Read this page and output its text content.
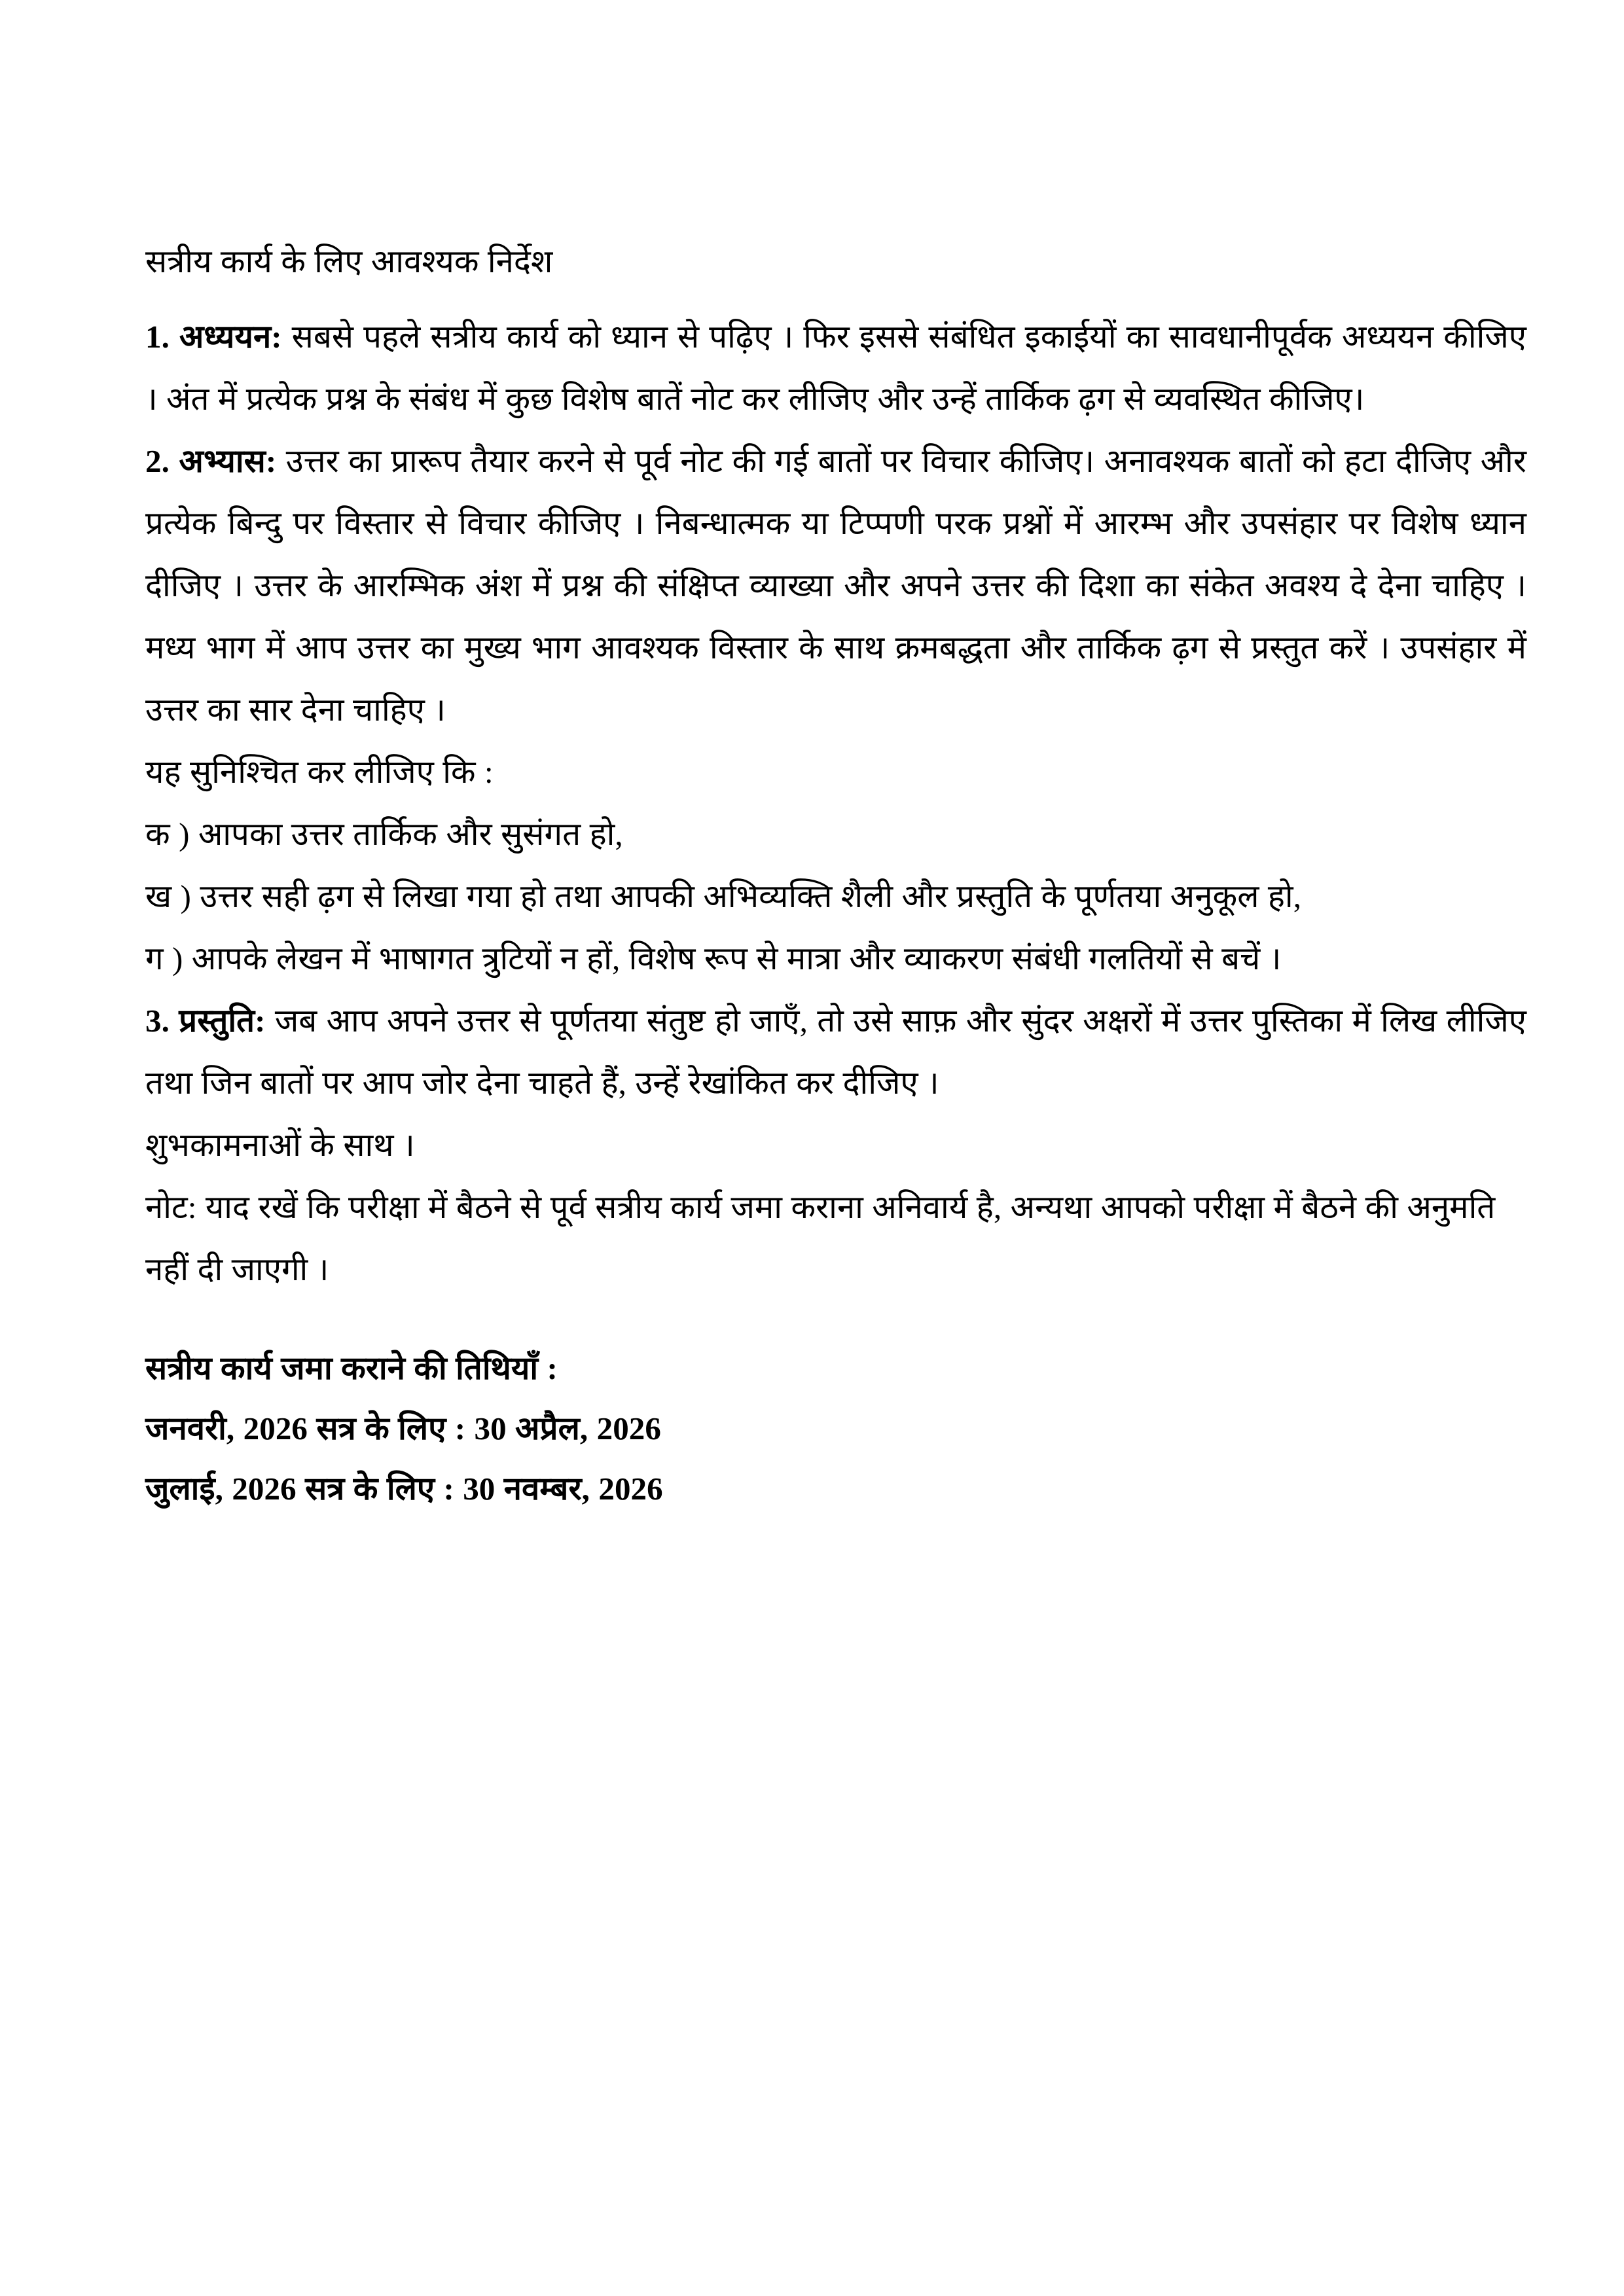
सत्रीय कार्य के लिए आवश्यक निर्देश

1. अध्ययन: सबसे पहले सत्रीय कार्य को ध्यान से पढ़िए । फिर इससे संबंधित इकाईयों का सावधानीपूर्वक अध्ययन कीजिए । अंत में प्रत्येक प्रश्न के संबंध में कुछ विशेष बातें नोट कर लीजिए और उन्हें तार्किक ढ़ग से व्यवस्थित कीजिए।

2. अभ्यास: उत्तर का प्रारूप तैयार करने से पूर्व नोट की गई बातों पर विचार कीजिए। अनावश्यक बातों को हटा दीजिए और प्रत्येक बिन्दु पर विस्तार से विचार कीजिए । निबन्धात्मक या टिप्पणी परक प्रश्नों में आरम्भ और उपसंहार पर विशेष ध्यान दीजिए । उत्तर के आरम्भिक अंश में प्रश्न की संक्षिप्त व्याख्या और अपने उत्तर की दिशा का संकेत अवश्य दे देना चाहिए । मध्य भाग में आप उत्तर का मुख्य भाग आवश्यक विस्तार के साथ क्रमबद्धता और तार्किक ढ़ग से प्रस्तुत करें । उपसंहार में उत्तर का सार देना चाहिए ।

यह सुनिश्चित कर लीजिए कि :

क ) आपका उत्तर तार्किक और सुसंगत हो,

ख ) उत्तर सही ढ़ग से लिखा गया हो तथा आपकी अभिव्यक्ति शैली और प्रस्तुति के पूर्णतया अनुकूल हो,

ग ) आपके लेखन में भाषागत त्रुटियों न हों, विशेष रूप से मात्रा और व्याकरण संबंधी गलतियों से बचें ।

3. प्रस्तुति: जब आप अपने उत्तर से पूर्णतया संतुष्ट हो जाएँ, तो उसे साफ़ और सुंदर अक्षरों में उत्तर पुस्तिका में लिख लीजिए तथा जिन बातों पर आप जोर देना चाहते हैं, उन्हें रेखांकित कर दीजिए ।

शुभकामनाओं के साथ ।

नोट: याद रखें कि परीक्षा में बैठने से पूर्व सत्रीय कार्य जमा कराना अनिवार्य है, अन्यथा आपको परीक्षा में बैठने की अनुमति नहीं दी जाएगी ।

सत्रीय कार्य जमा कराने की तिथियाँ :

जनवरी, 2026 सत्र के लिए : 30 अप्रैल, 2026

जुलाई, 2026 सत्र के लिए : 30 नवम्बर, 2026
